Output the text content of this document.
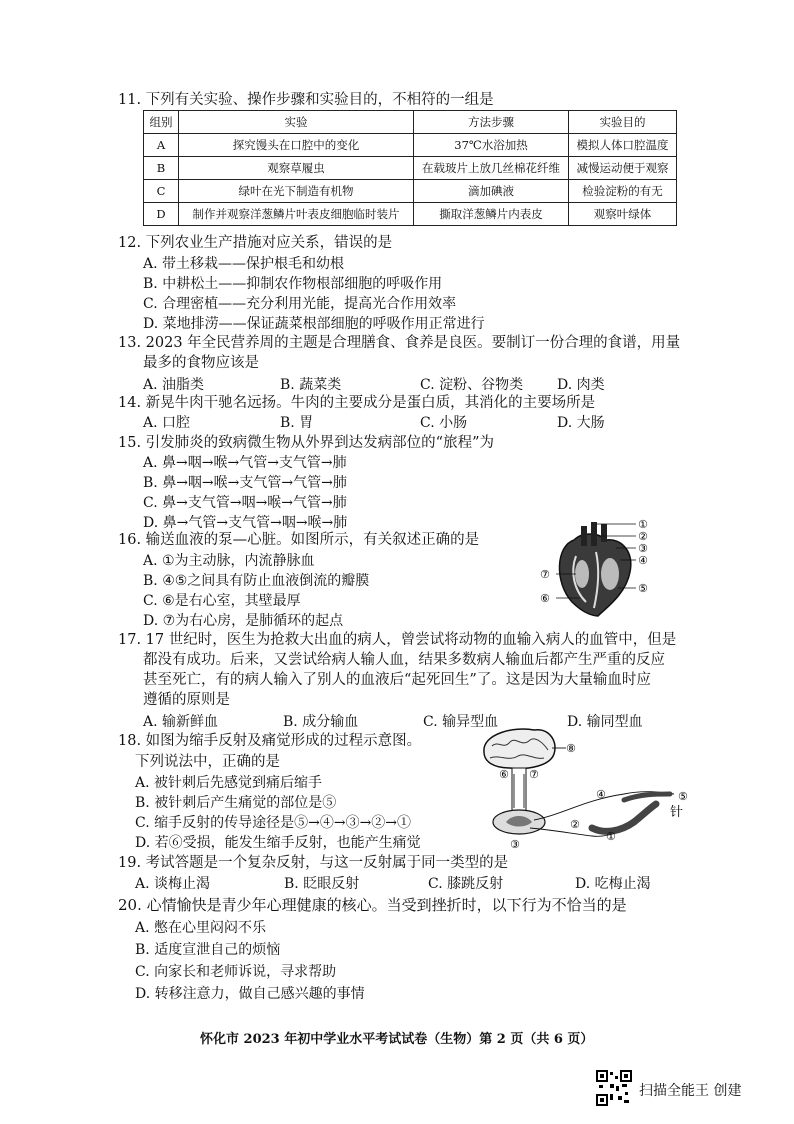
11. 下列有关实验、操作步骤和实验目的，不相符的一组是
组别	实验	方法步骤	实验目的
A	探究馒头在口腔中的变化	37℃水浴加热	模拟人体口腔温度
B	观察草履虫	在载玻片上放几丝棉花纤维	减慢运动便于观察
C	绿叶在光下制造有机物	滴加碘液	检验淀粉的有无
D	制作并观察洋葱鳞片叶表皮细胞临时装片	撕取洋葱鳞片内表皮	观察叶绿体
12. 下列农业生产措施对应关系，错误的是
A. 带土移栽——保护根毛和幼根
B. 中耕松土——抑制农作物根部细胞的呼吸作用
C. 合理密植——充分利用光能，提高光合作用效率
D. 菜地排涝——保证蔬菜根部细胞的呼吸作用正常进行
13. 2023 年全民营养周的主题是合理膳食、食养是良医。要制订一份合理的食谱，用量
最多的食物应该是
A. 油脂类	B. 蔬菜类	C. 淀粉、谷物类 D. 肉类
14. 新晃牛肉干驰名远扬。牛肉的主要成分是蛋白质，其消化的主要场所是
A. 口腔	B. 胃	C. 小肠	D. 大肠
15. 引发肺炎的致病微生物从外界到达发病部位的“旅程”为
A. 鼻→咽→喉→气管→支气管→肺
B. 鼻→咽→喉→支气管→气管→肺
C. 鼻→支气管→咽→喉→气管→肺
D. 鼻→气管→支气管→咽→喉→肺
16. 输送血液的泵—心脏。如图所示，有关叙述正确的是
A. ①为主动脉，内流静脉血
B. ④⑤之间具有防止血液倒流的瓣膜
C. ⑥是右心室，其壁最厚
D. ⑦为右心房，是肺循环的起点
①
②
③
④
⑤
⑥
⑦
17. 17 世纪时，医生为抢救大出血的病人，曾尝试将动物的血输入病人的血管中，但是
都没有成功。后来，又尝试给病人输人血，结果多数病人输血后都产生严重的反应
甚至死亡，有的病人输入了别人的血液后“起死回生”了。这是因为大量输血时应
遵循的原则是
A. 输新鲜血	B. 成分输血	C. 输异型血	D. 输同型血
18. 如图为缩手反射及痛觉形成的过程示意图。
下列说法中，正确的是
A. 被针刺后先感觉到痛后缩手
B. 被针刺后产生痛觉的部位是⑤
C. 缩手反射的传导途径是⑤→④→③→②→①
D. 若⑥受损，能发生缩手反射，也能产生痛觉
⑧
⑥ ⑦
④	⑤
②
①
③
针
19. 考试答题是一个复杂反射，与这一反射属于同一类型的是
A. 谈梅止渴	B. 眨眼反射	C. 膝跳反射	D. 吃梅止渴
20. 心情愉快是青少年心理健康的核心。当受到挫折时，以下行为不恰当的是
A. 憋在心里闷闷不乐
B. 适度宣泄自己的烦恼
C. 向家长和老师诉说，寻求帮助
D. 转移注意力，做自己感兴趣的事情
怀化市 2023 年初中学业水平考试试卷（生物）第 2 页（共 6 页）
扫描全能王 创建
